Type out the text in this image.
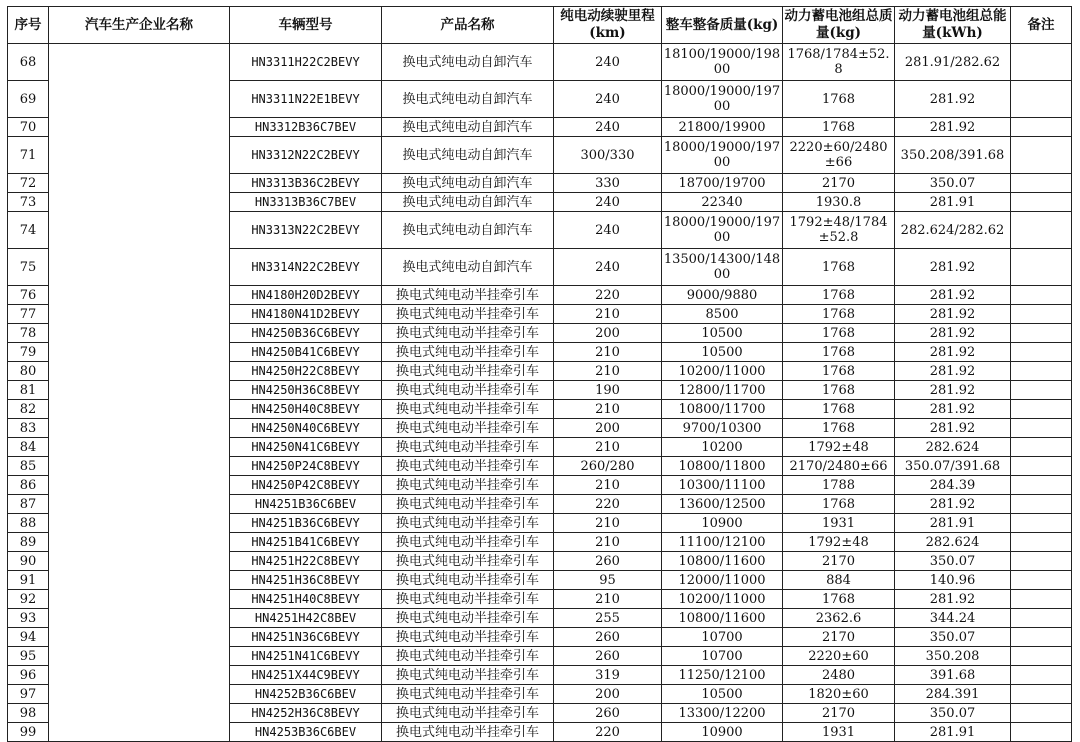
序号	汽车生产企业名称	车辆型号	产品名称	纯电动续驶里程(km)	整车整备质量(kg)	动力蓄电池组总质量(kg)	动力蓄电池组总能量(kWh)	备注
68		HN3311H22C2BEVY	换电式纯电动自卸汽车	240	18100/19000/19800	1768/1784±52.8	281.91/282.62	
69		HN3311N22E1BEVY	换电式纯电动自卸汽车	240	18000/19000/19700	1768	281.92	
70		HN3312B36C7BEV	换电式纯电动自卸汽车	240	21800/19900	1768	281.92	
71		HN3312N22C2BEVY	换电式纯电动自卸汽车	300/330	18000/19000/19700	2220±60/2480±66	350.208/391.68	
72		HN3313B36C2BEVY	换电式纯电动自卸汽车	330	18700/19700	2170	350.07	
73		HN3313B36C7BEV	换电式纯电动自卸汽车	240	22340	1930.8	281.91	
74		HN3313N22C2BEVY	换电式纯电动自卸汽车	240	18000/19000/19700	1792±48/1784±52.8	282.624/282.62	
75		HN3314N22C2BEVY	换电式纯电动自卸汽车	240	13500/14300/14800	1768	281.92	
76		HN4180H20D2BEVY	换电式纯电动半挂牵引车	220	9000/9880	1768	281.92	
77		HN4180N41D2BEVY	换电式纯电动半挂牵引车	210	8500	1768	281.92	
78		HN4250B36C6BEVY	换电式纯电动半挂牵引车	200	10500	1768	281.92	
79		HN4250B41C6BEVY	换电式纯电动半挂牵引车	210	10500	1768	281.92	
80		HN4250H22C8BEVY	换电式纯电动半挂牵引车	210	10200/11000	1768	281.92	
81		HN4250H36C8BEVY	换电式纯电动半挂牵引车	190	12800/11700	1768	281.92	
82		HN4250H40C8BEVY	换电式纯电动半挂牵引车	210	10800/11700	1768	281.92	
83		HN4250N40C6BEVY	换电式纯电动半挂牵引车	200	9700/10300	1768	281.92	
84		HN4250N41C6BEVY	换电式纯电动半挂牵引车	210	10200	1792±48	282.624	
85		HN4250P24C8BEVY	换电式纯电动半挂牵引车	260/280	10800/11800	2170/2480±66	350.07/391.68	
86		HN4250P42C8BEVY	换电式纯电动半挂牵引车	210	10300/11100	1788	284.39	
87		HN4251B36C6BEV	换电式纯电动半挂牵引车	220	13600/12500	1768	281.92	
88		HN4251B36C6BEVY	换电式纯电动半挂牵引车	210	10900	1931	281.91	
89		HN4251B41C6BEVY	换电式纯电动半挂牵引车	210	11100/12100	1792±48	282.624	
90		HN4251H22C8BEVY	换电式纯电动半挂牵引车	260	10800/11600	2170	350.07	
91		HN4251H36C8BEVY	换电式纯电动半挂牵引车	95	12000/11000	884	140.96	
92		HN4251H40C8BEVY	换电式纯电动半挂牵引车	210	10200/11000	1768	281.92	
93		HN4251H42C8BEV	换电式纯电动半挂牵引车	255	10800/11600	2362.6	344.24	
94		HN4251N36C6BEVY	换电式纯电动半挂牵引车	260	10700	2170	350.07	
95		HN4251N41C6BEVY	换电式纯电动半挂牵引车	260	10700	2220±60	350.208	
96		HN4251X44C9BEVY	换电式纯电动半挂牵引车	319	11250/12100	2480	391.68	
97		HN4252B36C6BEV	换电式纯电动半挂牵引车	200	10500	1820±60	284.391	
98		HN4252H36C8BEVY	换电式纯电动半挂牵引车	260	13300/12200	2170	350.07	
99		HN4253B36C6BEV	换电式纯电动半挂牵引车	220	10900	1931	281.91	
